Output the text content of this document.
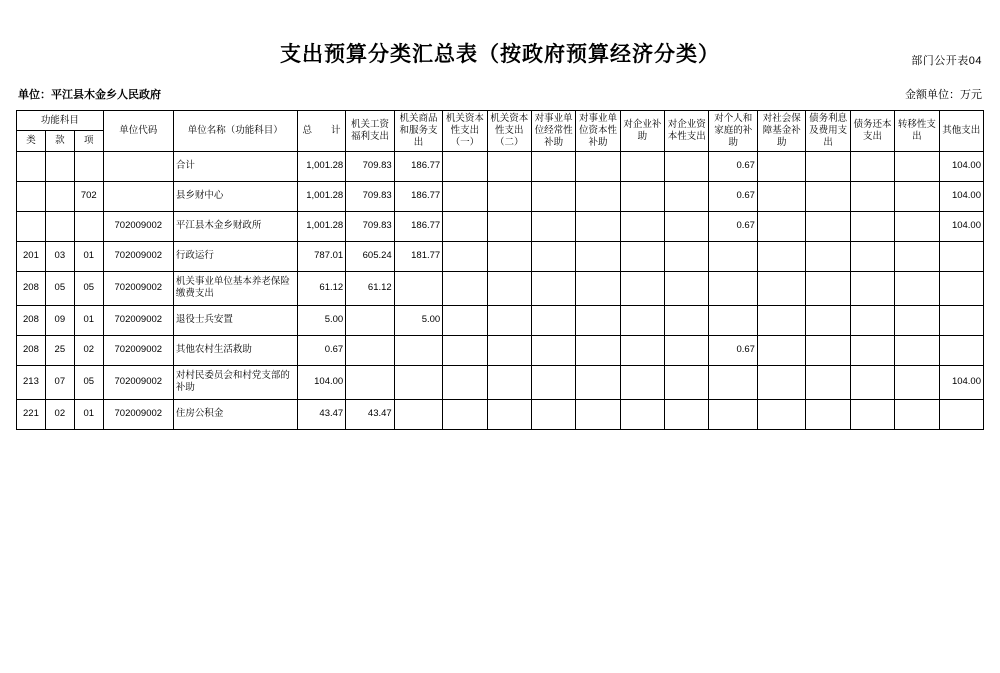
部门公开表04
支出预算分类汇总表（按政府预算经济分类）
单位：平江县木金乡人民政府	金额单位：万元
功能科目			单位代码	单位名称（功能科目）	总　　计	机关工资福利支出	机关商品和服务支出	机关资本性支出（一）	机关资本性支出（二）	对事业单位经常性补助	对事业单位资本性补助	对企业补助	对企业资本性支出	对个人和家庭的补助	对社会保障基金补助	债务利息及费用支出	债务还本支出	转移性支出	其他支出
类	款	项																	
				合计	1,001.28	709.83	186.77							0.67					104.00
		702		县乡财中心	1,001.28	709.83	186.77							0.67					104.00
			702009002	平江县木金乡财政所	1,001.28	709.83	186.77							0.67					104.00
201	03	01	702009002	行政运行	787.01	605.24	181.77												
208	05	05	702009002	机关事业单位基本养老保险缴费支出	61.12	61.12													
208	09	01	702009002	退役士兵安置	5.00		5.00												
208	25	02	702009002	其他农村生活救助	0.67									0.67					
213	07	05	702009002	对村民委员会和村党支部的补助	104.00														104.00
221	02	01	702009002	住房公积金	43.47	43.47													
